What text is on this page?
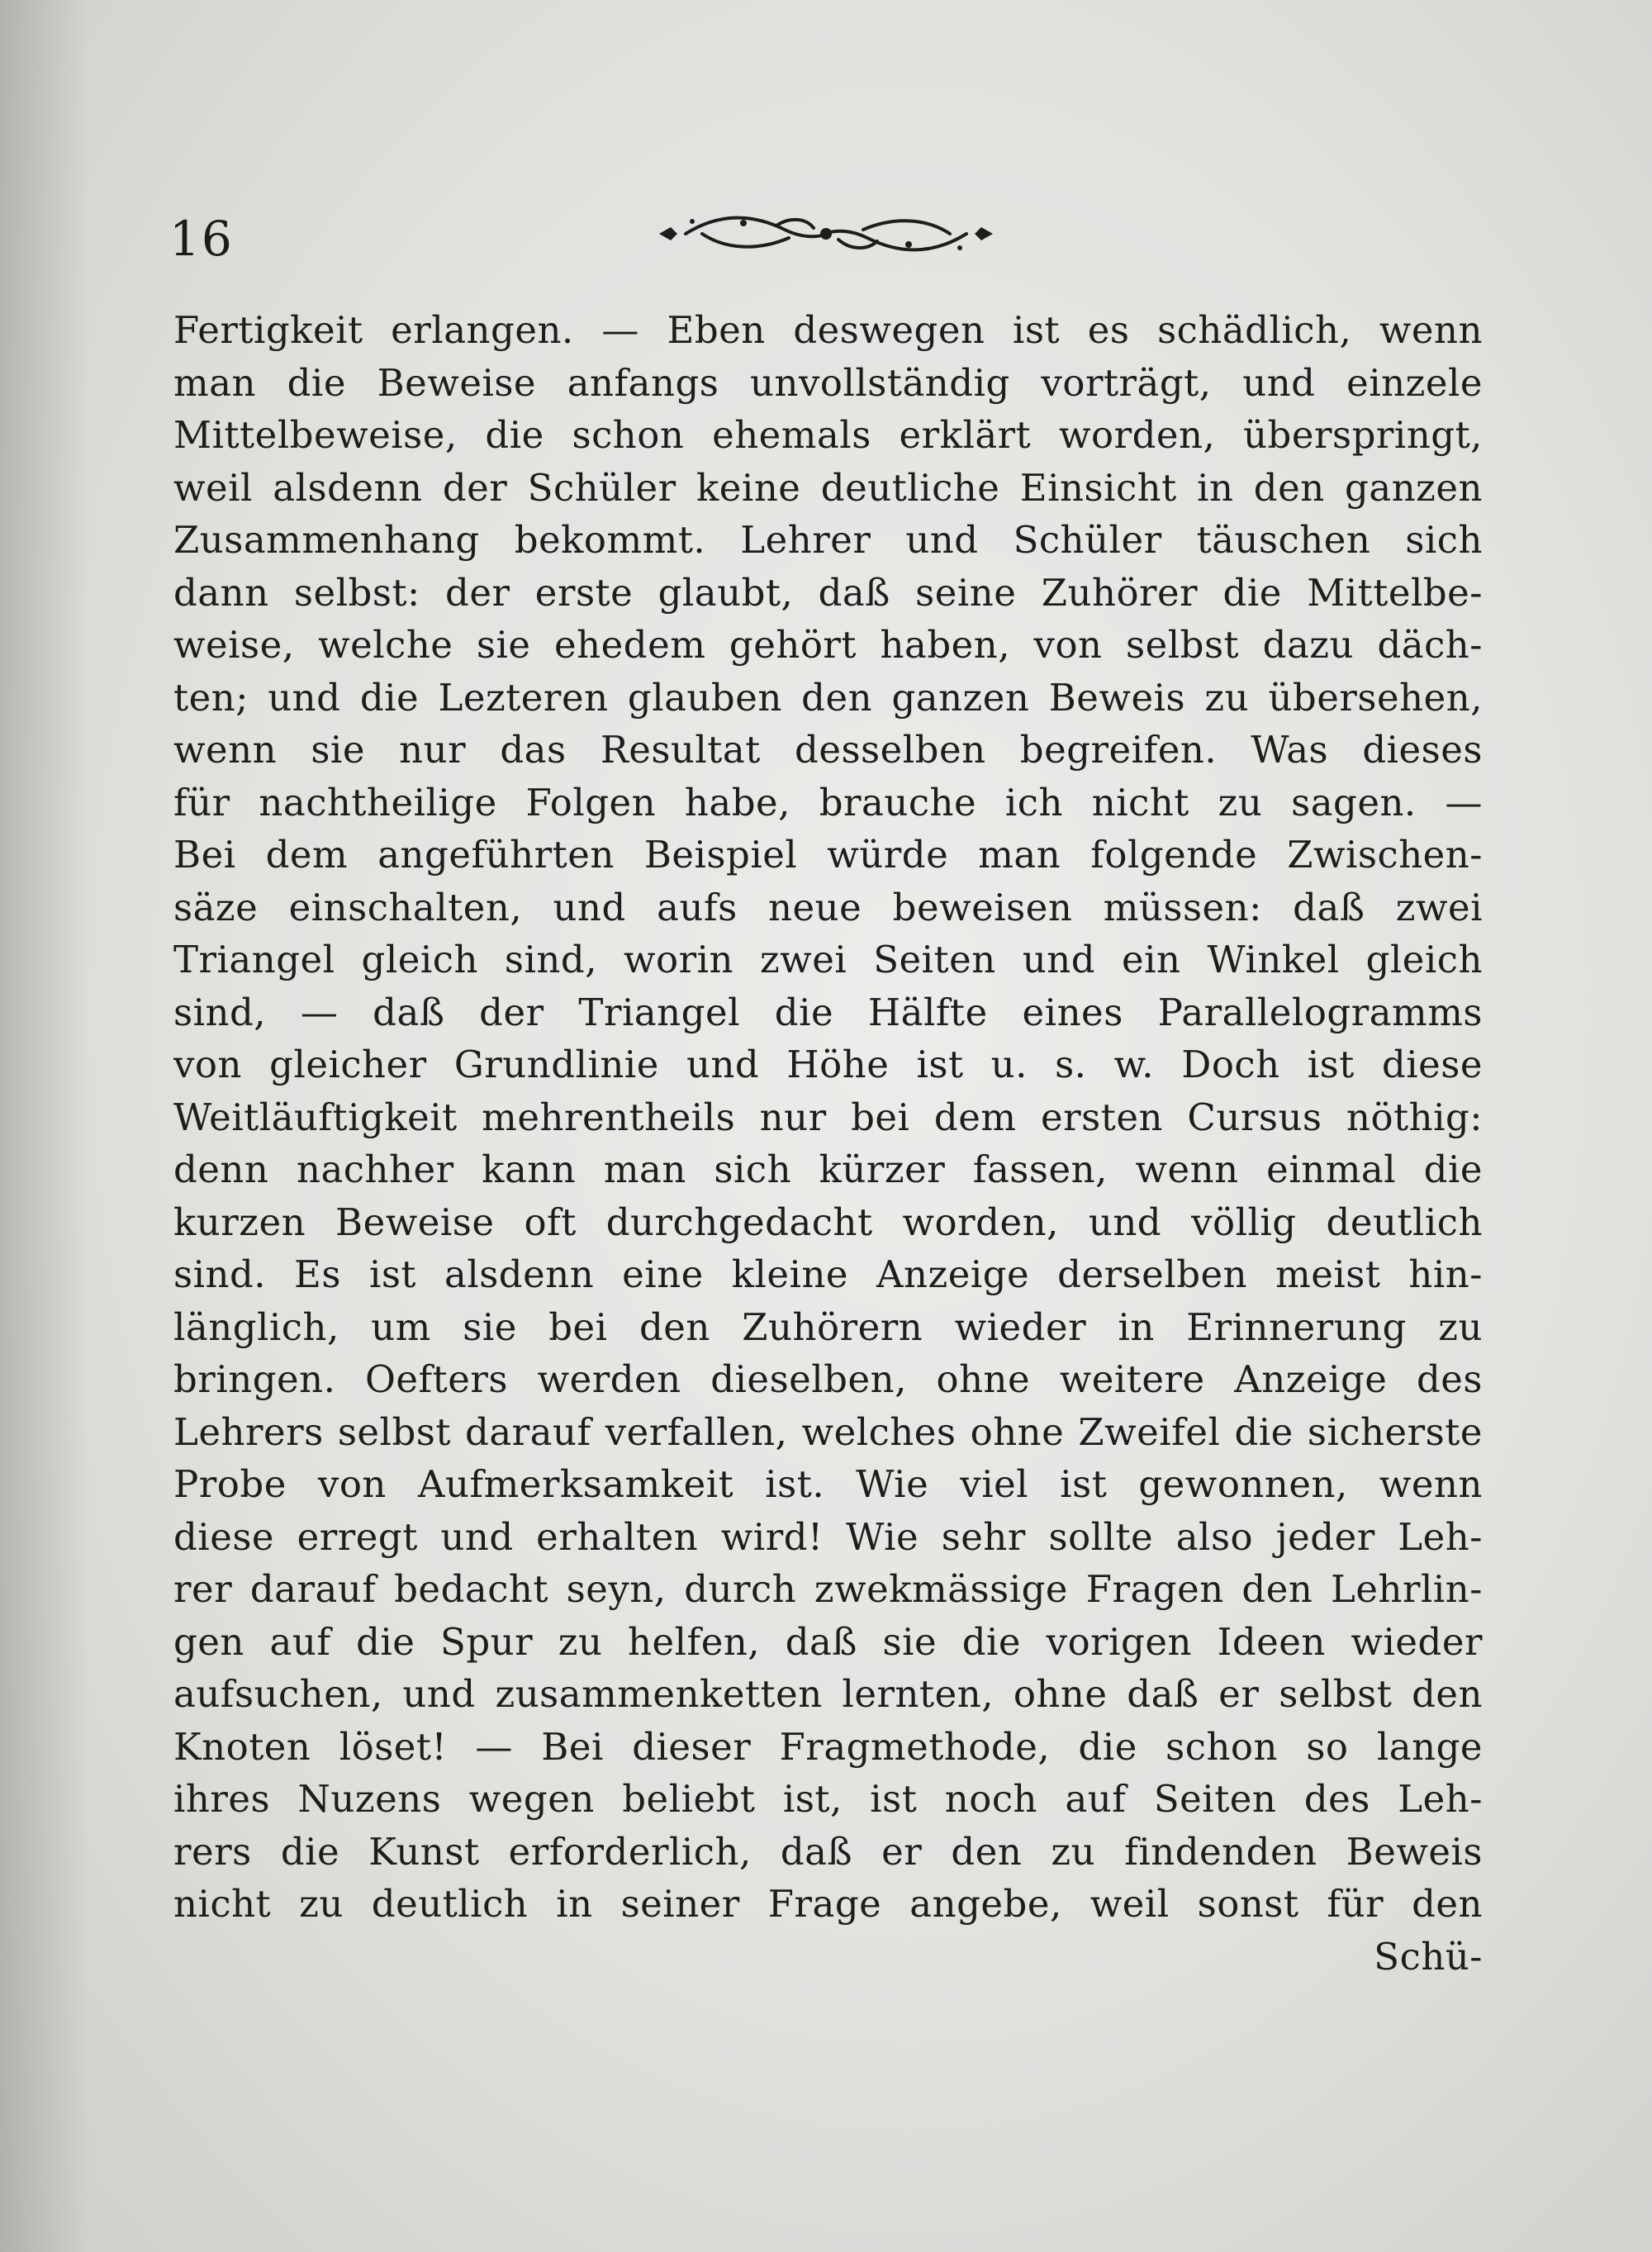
16
Fertigkeit erlangen. — Eben deswegen ist es schädlich, wenn
man die Beweise anfangs unvollständig vorträgt, und einzele
Mittelbeweise, die schon ehemals erklärt worden, überspringt,
weil alsdenn der Schüler keine deutliche Einsicht in den ganzen
Zusammenhang bekommt. Lehrer und Schüler täuschen sich
dann selbst: der erste glaubt, daß seine Zuhörer die Mittelbe-
weise, welche sie ehedem gehört haben, von selbst dazu däch-
ten; und die Lezteren glauben den ganzen Beweis zu übersehen,
wenn sie nur das Resultat desselben begreifen. Was dieses
für nachtheilige Folgen habe, brauche ich nicht zu sagen. —
Bei dem angeführten Beispiel würde man folgende Zwischen-
säze einschalten, und aufs neue beweisen müssen: daß zwei
Triangel gleich sind, worin zwei Seiten und ein Winkel gleich
sind, — daß der Triangel die Hälfte eines Parallelogramms
von gleicher Grundlinie und Höhe ist u. s. w. Doch ist diese
Weitläuftigkeit mehrentheils nur bei dem ersten Cursus nöthig:
denn nachher kann man sich kürzer fassen, wenn einmal die
kurzen Beweise oft durchgedacht worden, und völlig deutlich
sind. Es ist alsdenn eine kleine Anzeige derselben meist hin-
länglich, um sie bei den Zuhörern wieder in Erinnerung zu
bringen. Oefters werden dieselben, ohne weitere Anzeige des
Lehrers selbst darauf verfallen, welches ohne Zweifel die sicherste
Probe von Aufmerksamkeit ist. Wie viel ist gewonnen, wenn
diese erregt und erhalten wird! Wie sehr sollte also jeder Leh-
rer darauf bedacht seyn, durch zwekmässige Fragen den Lehrlin-
gen auf die Spur zu helfen, daß sie die vorigen Ideen wieder
aufsuchen, und zusammenketten lernten, ohne daß er selbst den
Knoten löset! — Bei dieser Fragmethode, die schon so lange
ihres Nuzens wegen beliebt ist, ist noch auf Seiten des Leh-
rers die Kunst erforderlich, daß er den zu findenden Beweis
nicht zu deutlich in seiner Frage angebe, weil sonst für den
Schü-
